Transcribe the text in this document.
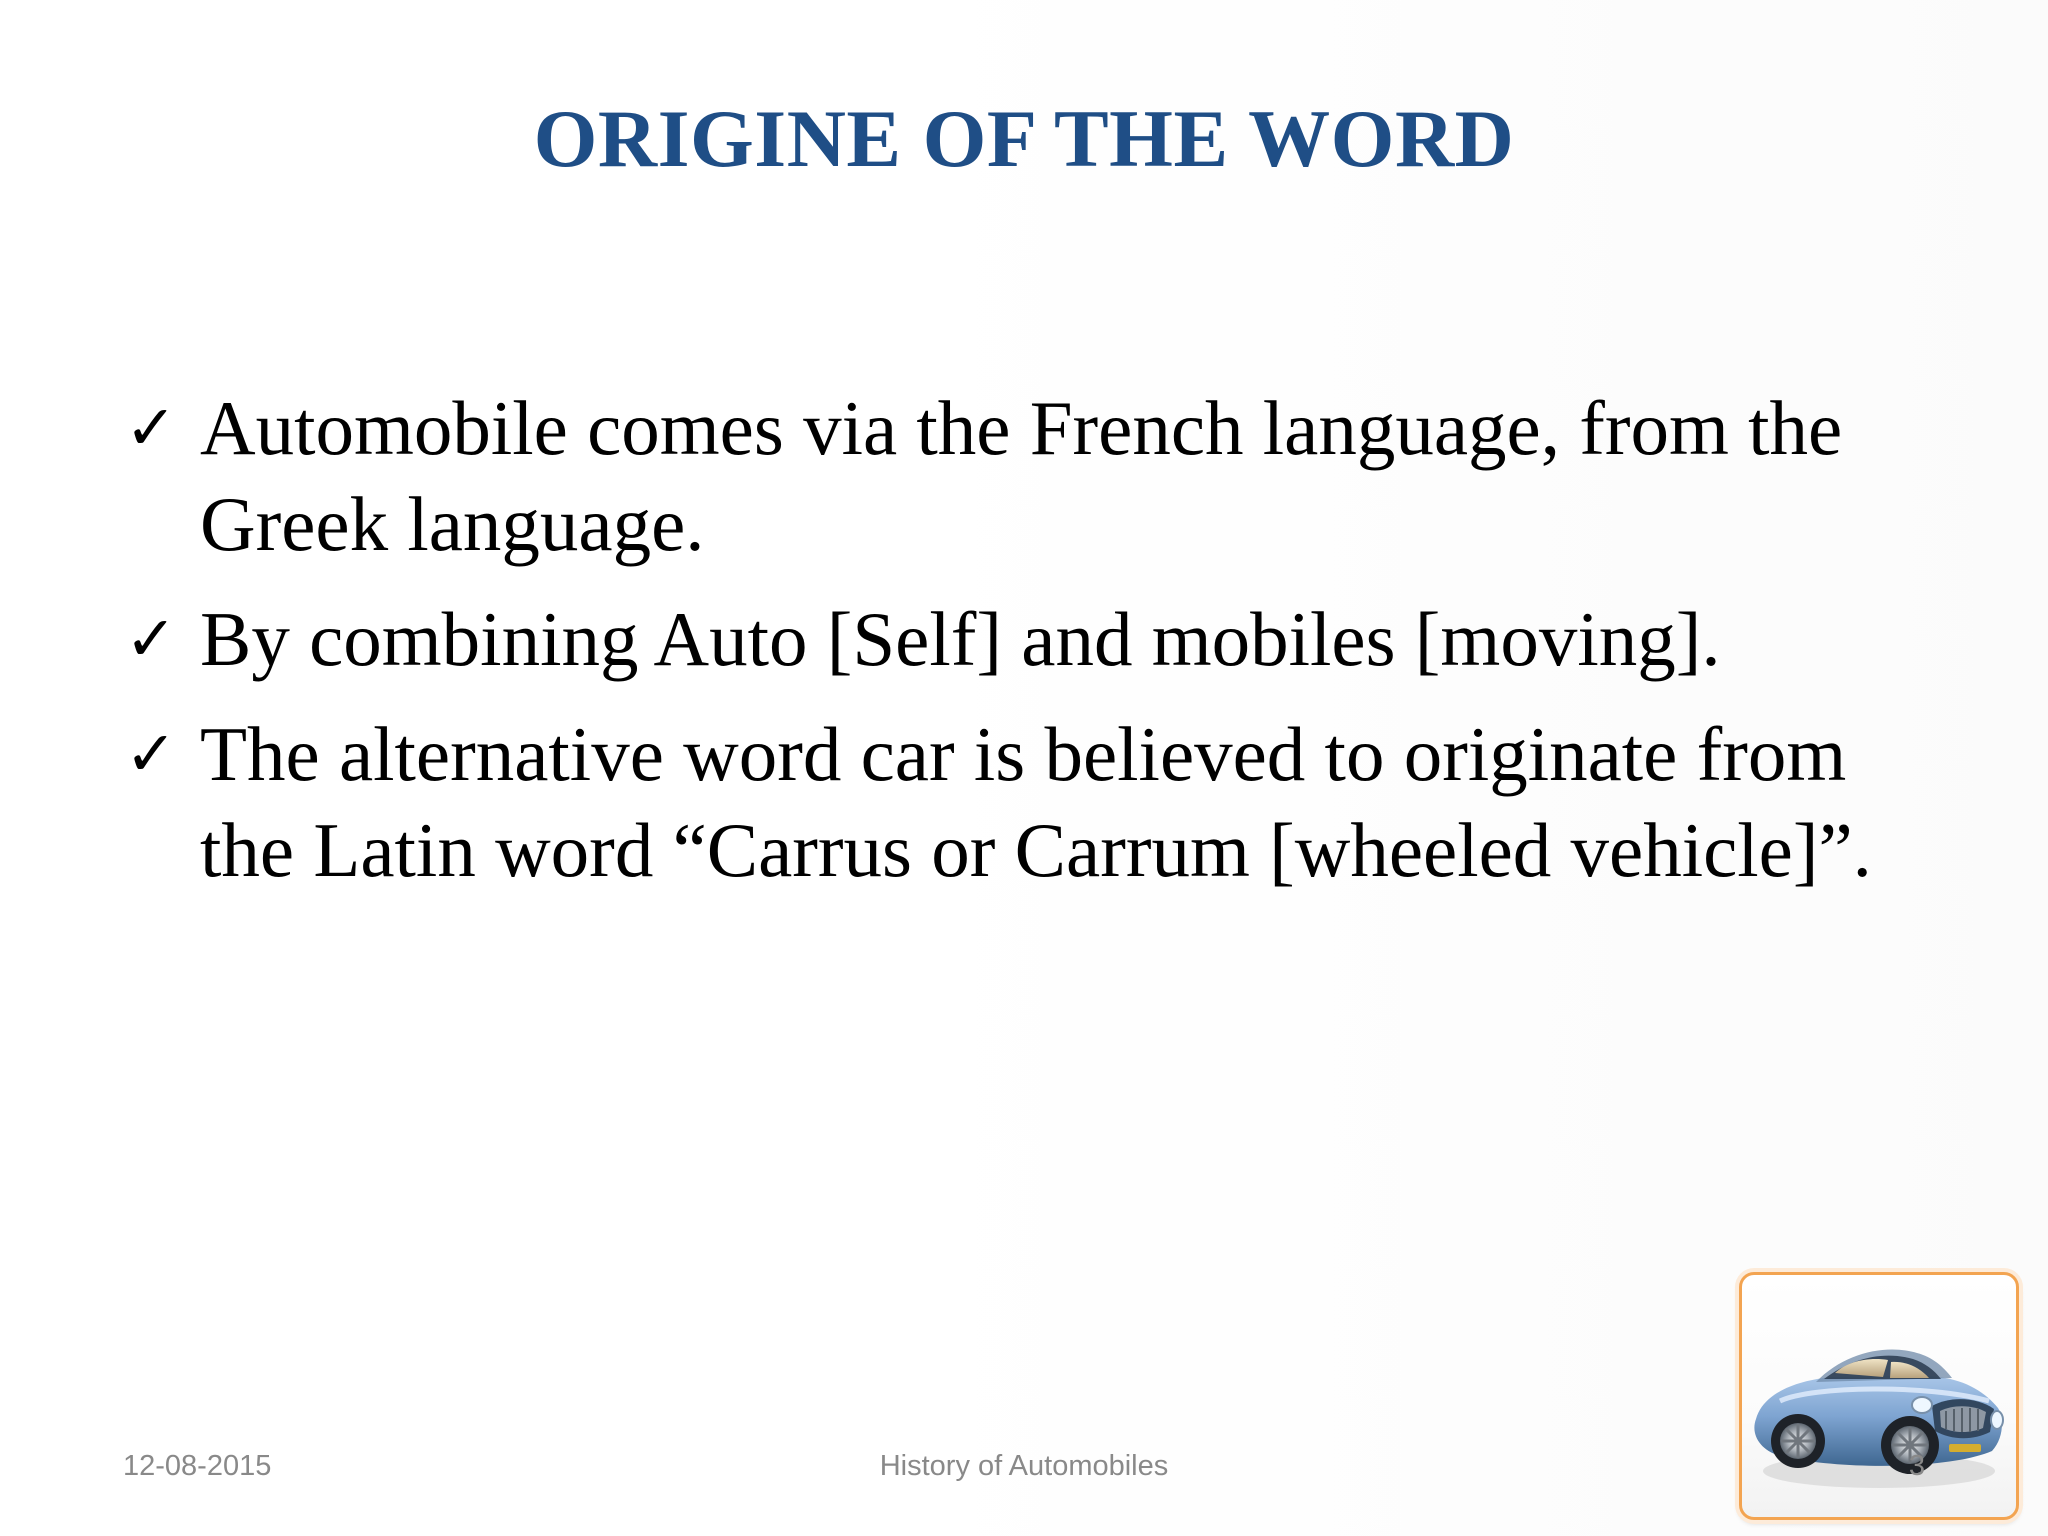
ORIGINE OF THE WORD
✓ Automobile comes via the French language, from the Greek language.
✓ By combining Auto [Self] and mobiles [moving].
✓ The alternative word car is believed to originate from the Latin word “Carrus or Carrum [wheeled vehicle]”.
12-08-2015	History of Automobiles	3
